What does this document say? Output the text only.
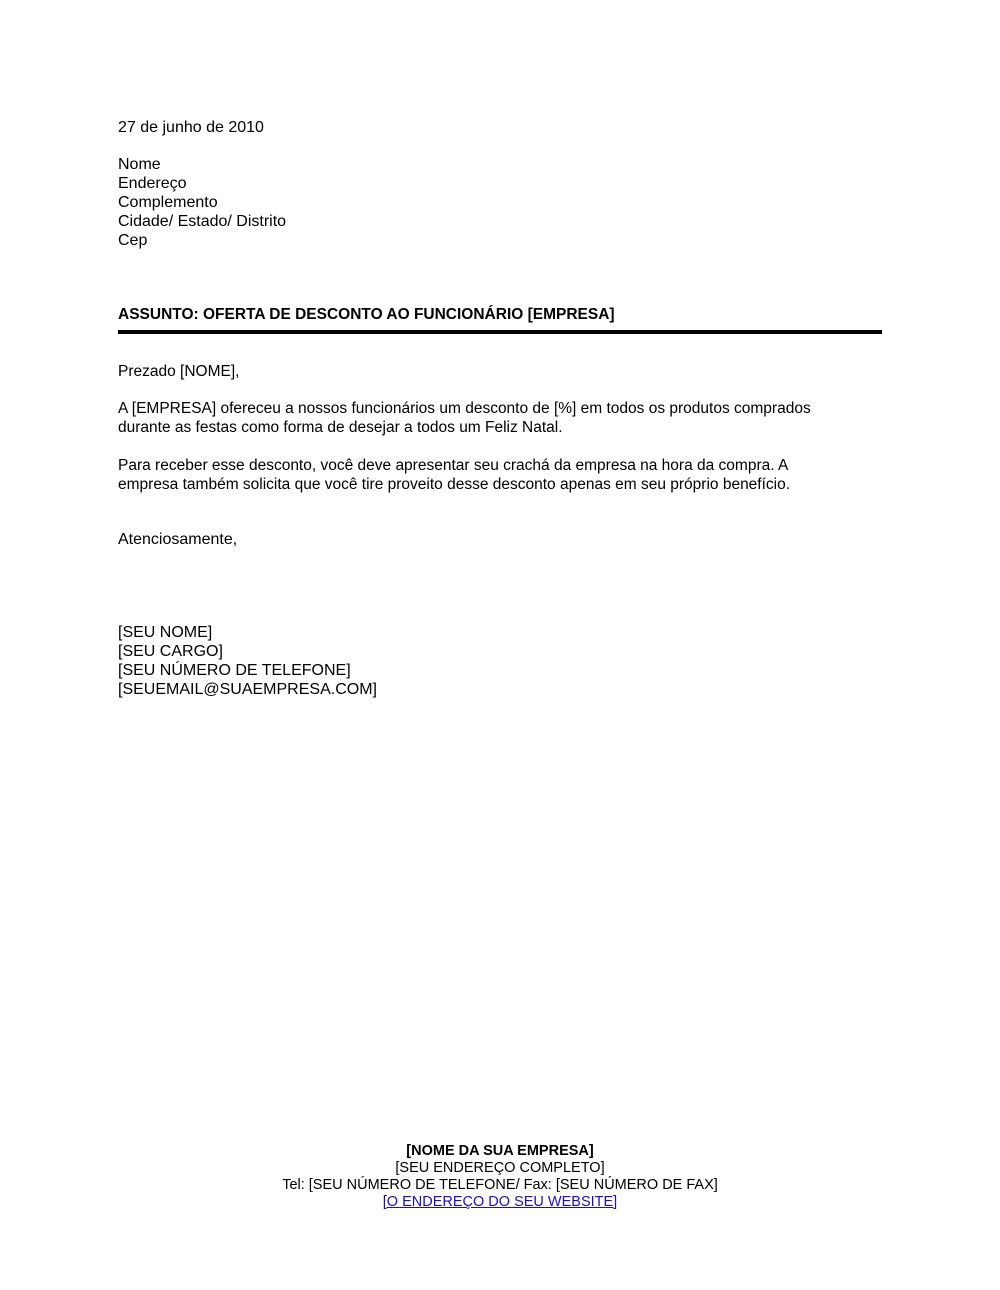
27 de junho de 2010
Nome
Endereço
Complemento
Cidade/ Estado/ Distrito
Cep
ASSUNTO: OFERTA DE DESCONTO AO FUNCIONÁRIO [EMPRESA]
Prezado [NOME],
A [EMPRESA] ofereceu a nossos funcionários um desconto de [%] em todos os produtos comprados
durante as festas como forma de desejar a todos um Feliz Natal.
Para receber esse desconto, você deve apresentar seu crachá da empresa na hora da compra. A
empresa também solicita que você tire proveito desse desconto apenas em seu próprio benefício.
Atenciosamente,
[SEU NOME]
[SEU CARGO]
[SEU NÚMERO DE TELEFONE]
[SEUEMAIL@SUAEMPRESA.COM]
[NOME DA SUA EMPRESA]
[SEU ENDEREÇO COMPLETO]
Tel: [SEU NÚMERO DE TELEFONE/ Fax: [SEU NÚMERO DE FAX]
[O ENDEREÇO DO SEU WEBSITE]
